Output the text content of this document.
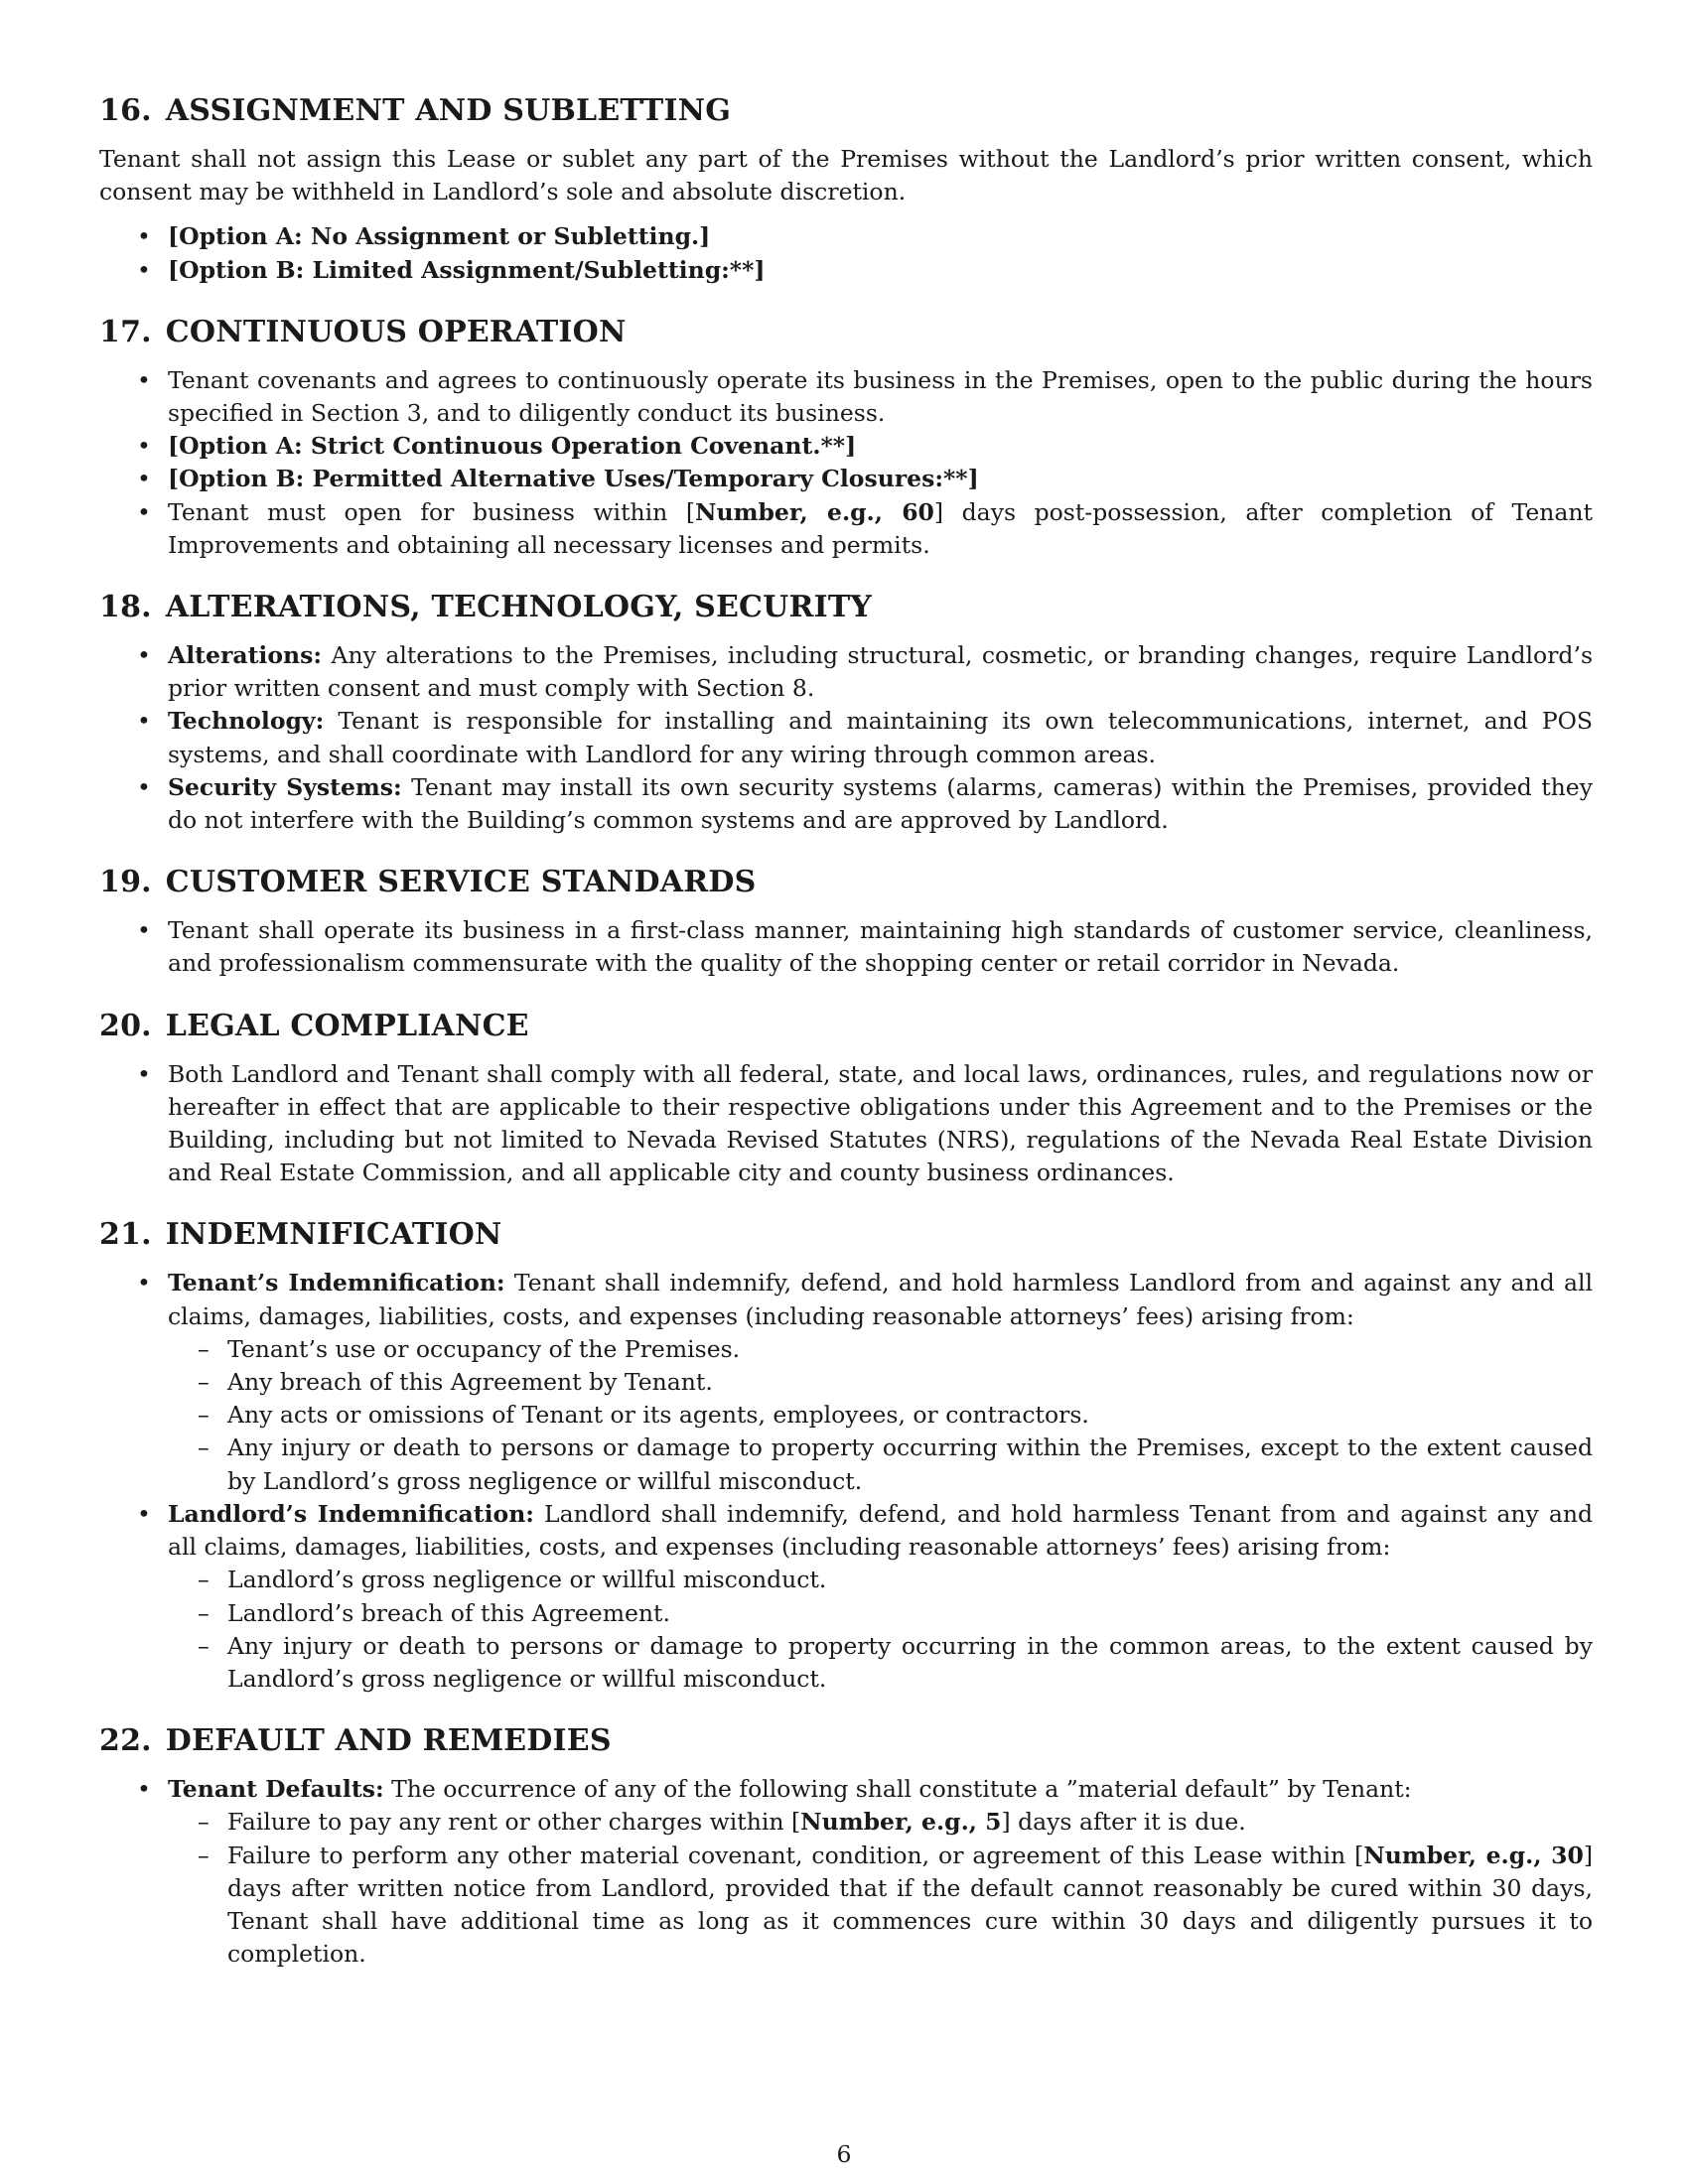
16. ASSIGNMENT AND SUBLETTING

Tenant shall not assign this Lease or sublet any part of the Premises without the Landlord’s prior written consent, which consent may be withheld in Landlord’s sole and absolute discretion.

• [Option A: No Assignment or Subletting.]
• [Option B: Limited Assignment/Subletting:**]
17. CONTINUOUS OPERATION
• Tenant covenants and agrees to continuously operate its business in the Premises, open to the public during the hours specified in Section 3, and to diligently conduct its business.
• [Option A: Strict Continuous Operation Covenant.**]
• [Option B: Permitted Alternative Uses/Temporary Closures:**]
• Tenant must open for business within [Number, e.g., 60] days post-possession, after completion of Tenant Improvements and obtaining all necessary licenses and permits.
18. ALTERATIONS, TECHNOLOGY, SECURITY
• Alterations: Any alterations to the Premises, including structural, cosmetic, or branding changes, require Landlord’s prior written consent and must comply with Section 8.
• Technology: Tenant is responsible for installing and maintaining its own telecommunications, internet, and POS systems, and shall coordinate with Landlord for any wiring through common areas.
• Security Systems: Tenant may install its own security systems (alarms, cameras) within the Premises, provided they do not interfere with the Building’s common systems and are approved by Landlord.
19. CUSTOMER SERVICE STANDARDS
• Tenant shall operate its business in a first-class manner, maintaining high standards of customer service, cleanliness, and professionalism commensurate with the quality of the shopping center or retail corridor in Nevada.
20. LEGAL COMPLIANCE
• Both Landlord and Tenant shall comply with all federal, state, and local laws, ordinances, rules, and regulations now or hereafter in effect that are applicable to their respective obligations under this Agreement and to the Premises or the Building, including but not limited to Nevada Revised Statutes (NRS), regulations of the Nevada Real Estate Division and Real Estate Commission, and all applicable city and county business ordinances.
21. INDEMNIFICATION
• Tenant’s Indemnification: Tenant shall indemnify, defend, and hold harmless Landlord from and against any and all claims, damages, liabilities, costs, and expenses (including reasonable attorneys’ fees) arising from:
– Tenant’s use or occupancy of the Premises.
– Any breach of this Agreement by Tenant.
– Any acts or omissions of Tenant or its agents, employees, or contractors.
– Any injury or death to persons or damage to property occurring within the Premises, except to the extent caused by Landlord’s gross negligence or willful misconduct.
• Landlord’s Indemnification: Landlord shall indemnify, defend, and hold harmless Tenant from and against any and all claims, damages, liabilities, costs, and expenses (including reasonable attorneys’ fees) arising from:
– Landlord’s gross negligence or willful misconduct.
– Landlord’s breach of this Agreement.
– Any injury or death to persons or damage to property occurring in the common areas, to the extent caused by Landlord’s gross negligence or willful misconduct.
22. DEFAULT AND REMEDIES
• Tenant Defaults: The occurrence of any of the following shall constitute a ”material default” by Tenant:
– Failure to pay any rent or other charges within [Number, e.g., 5] days after it is due.
– Failure to perform any other material covenant, condition, or agreement of this Lease within [Number, e.g., 30] days after written notice from Landlord, provided that if the default cannot reasonably be cured within 30 days, Tenant shall have additional time as long as it commences cure within 30 days and diligently pursues it to completion.
6
